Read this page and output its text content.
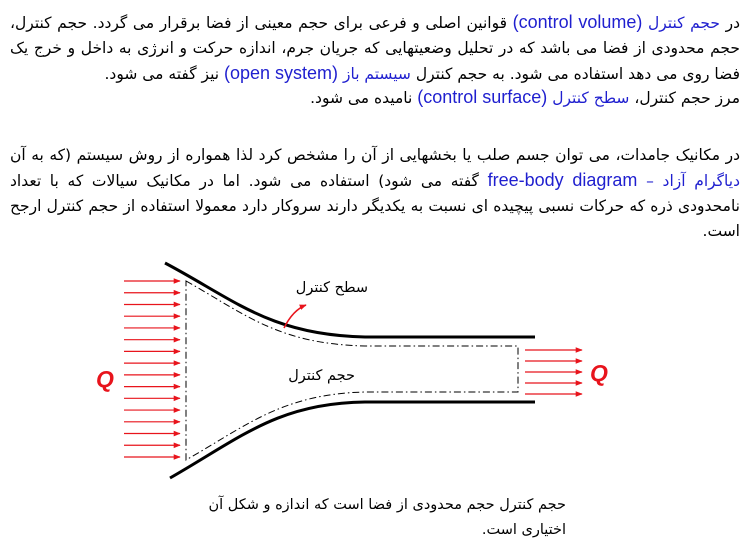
در حجم کنترل (control volume) قوانین اصلی و فرعی برای حجم معینی از فضا برقرار می گردد. حجم کنترل، حجم محدودی از فضا می باشد که در تحلیل وضعیتهایی که جریان جرم، اندازه حرکت و انرژی به داخل و خرج یک فضا روی می دهد استفاده می شود. به حجم کنترل سیستم باز (open system) نیز گفته می شود.
مرز حجم کنترل، سطح کنترل (control surface) نامیده می شود.
در مکانیک جامدات، می توان جسم صلب یا بخشهایی از آن را مشخص کرد لذا همواره از روش سیستم (که به آن دیاگرام آزاد – free-body diagram گفته می شود) استفاده می شود. اما در مکانیک سیالات که با تعداد نامحدودی ذره که حرکات نسبی پیچیده ای نسبت به یکدیگر دارند سروکار دارد معمولا استفاده از حجم کنترل ارجح است.
سطح کنترل
حجم کنترل
Q	Q
حجم کنترل حجم محدودی از فضا است که اندازه و شکل آن
اختیاری است.
